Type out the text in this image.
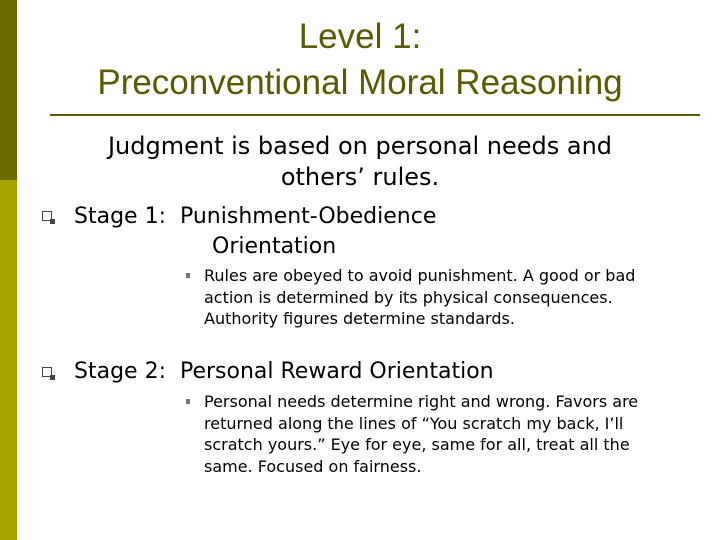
Level 1:
Preconventional Moral Reasoning
Judgment is based on personal needs and
others’ rules.
Stage 1: Punishment-Obedience
Orientation
Rules are obeyed to avoid punishment. A good or bad action is determined by its physical consequences. Authority figures determine standards.
Stage 2: Personal Reward Orientation
Personal needs determine right and wrong. Favors are returned along the lines of “You scratch my back, I’ll scratch yours.” Eye for eye, same for all, treat all the same. Focused on fairness.
